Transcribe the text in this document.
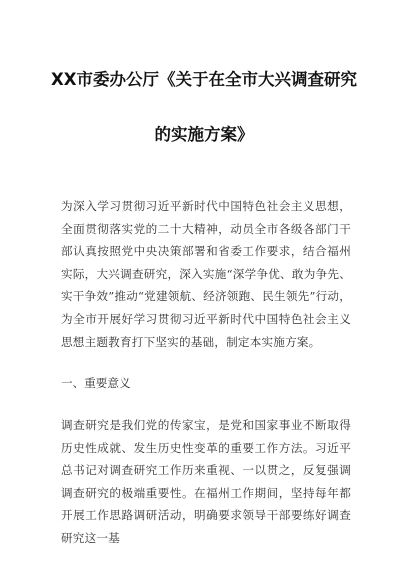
XX市委办公厅《关于在全市大兴调查研究
的实施方案》

为深入学习贯彻习近平新时代中国特色社会主义思想，全面贯彻落实党的二十大精神，动员全市各级各部门干部认真按照党中央决策部署和省委工作要求，结合福州实际，大兴调查研究，深入实施“深学争优、敢为争先、实干争效”推动“党建领航、经济领跑、民生领先”行动，为全市开展好学习贯彻习近平新时代中国特色社会主义思想主题教育打下坚实的基础，制定本实施方案。

一、重要意义

调查研究是我们党的传家宝，是党和国家事业不断取得历史性成就、发生历史性变革的重要工作方法。习近平总书记对调查研究工作历来重视、一以贯之，反复强调调查研究的极端重要性。在福州工作期间，坚持每年都开展工作思路调研活动，明确要求领导干部要练好调查研究这一基
